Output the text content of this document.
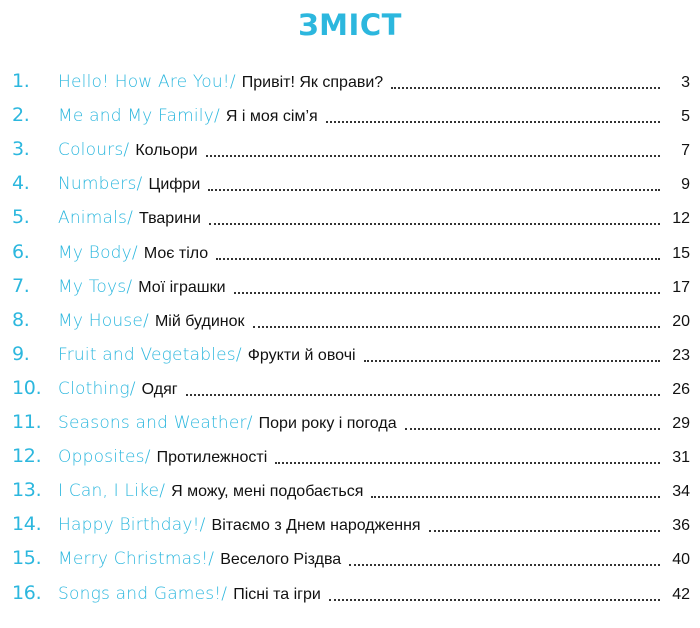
ЗМІСТ
1.	Hello! How Are You!/ Привіт! Як справи?	3
2.	Me and My Family/ Я і моя сім’я	5
3.	Colours/ Кольори	7
4.	Numbers/ Цифри	9
5.	Animals/ Тварини	12
6.	My Body/ Моє тіло	15
7.	My Toys/ Мої іграшки	17
8.	My House/ Мій будинок	20
9.	Fruit and Vegetables/ Фрукти й овочі	23
10. Clothing/ Одяг	26
11. Seasons and Weather/ Пори року і погода	29
12. Opposites/ Протилежності	31
13. I Can, I Like/ Я можу, мені подобається	34
14. Happy Birthday!/ Вітаємо з Днем народження	36
15. Merry Christmas!/ Веселого Різдва	40
16. Songs and Games!/ Пісні та ігри	42
